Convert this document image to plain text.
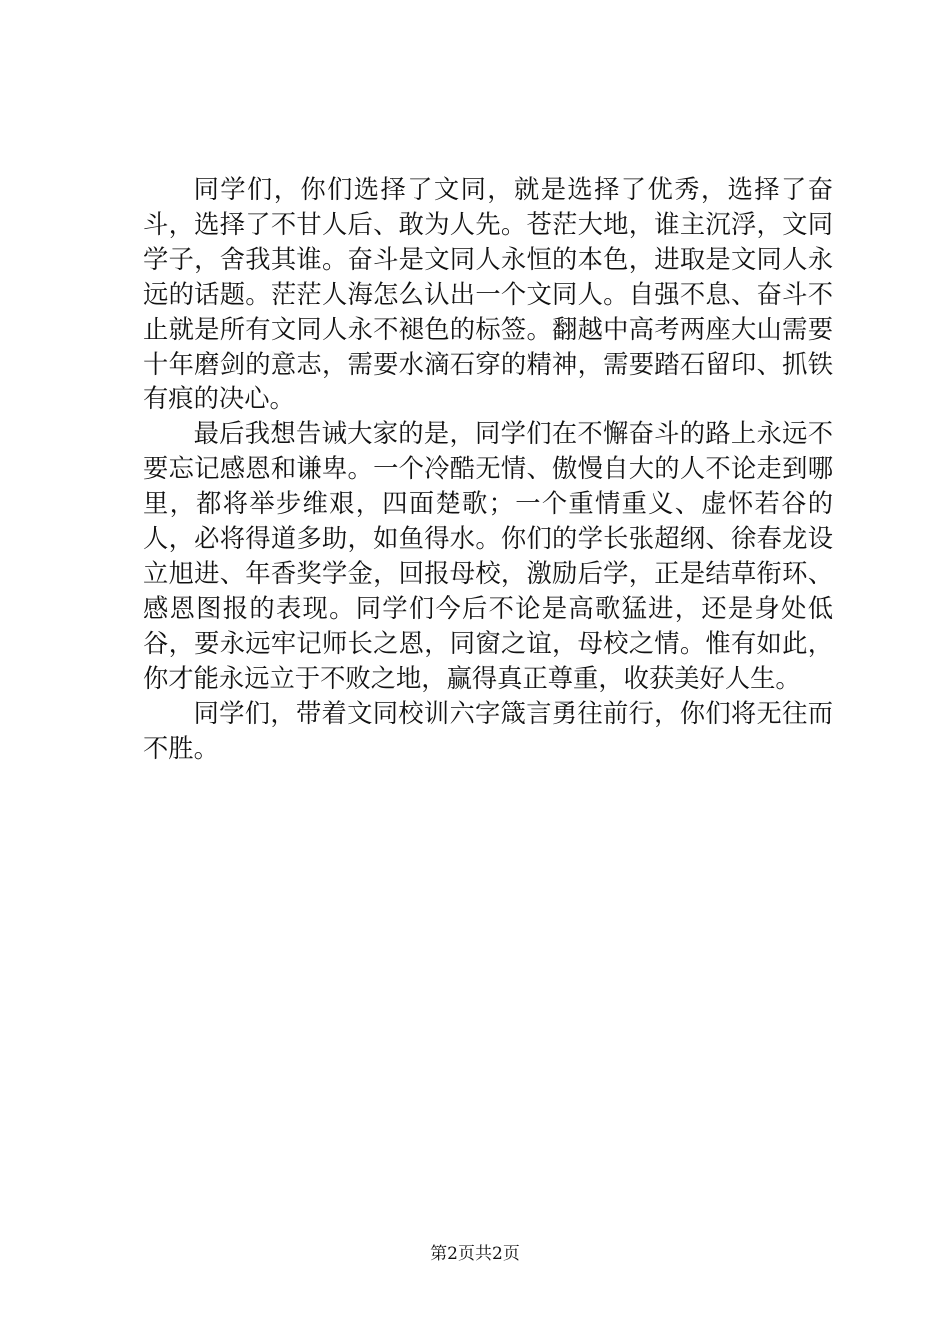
同学们，你们选择了文同，就是选择了优秀，选择了奋斗，选择了不甘人后、敢为人先。苍茫大地，谁主沉浮，文同学子，舍我其谁。奋斗是文同人永恒的本色，进取是文同人永远的话题。茫茫人海怎么认出一个文同人。自强不息、奋斗不止就是所有文同人永不褪色的标签。翻越中高考两座大山需要十年磨剑的意志，需要水滴石穿的精神，需要踏石留印、抓铁有痕的决心。

最后我想告诫大家的是，同学们在不懈奋斗的路上永远不要忘记感恩和谦卑。一个冷酷无情、傲慢自大的人不论走到哪里，都将举步维艰，四面楚歌；一个重情重义、虚怀若谷的人，必将得道多助，如鱼得水。你们的学长张超纲、徐春龙设立旭进、年香奖学金，回报母校，激励后学，正是结草衔环、感恩图报的表现。同学们今后不论是高歌猛进，还是身处低谷，要永远牢记师长之恩，同窗之谊，母校之情。惟有如此，你才能永远立于不败之地，赢得真正尊重，收获美好人生。

同学们，带着文同校训六字箴言勇往前行，你们将无往而不胜。

第2页共2页
